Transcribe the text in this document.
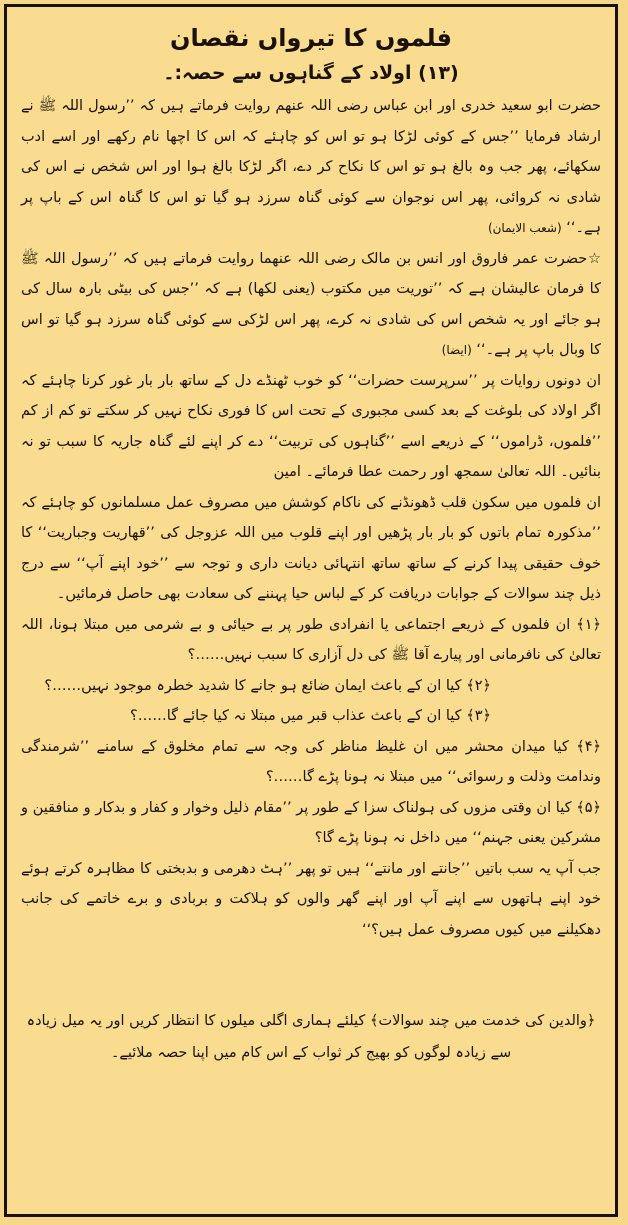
فلموں کا تیرواں نقصان
(۱۳) اولاد کے گناہوں سے حصہ:۔

حضرت ابو سعید خدری اور ابن عباس رضی اللہ عنھم روایت فرماتے ہیں کہ ’’رسول اللہ ﷺ نے ارشاد فرمایا ’’جس کے کوئی لڑکا ہو تو اس کو چاہئے کہ اس کا اچھا نام رکھے اور اسے ادب سکھائے، پھر جب وہ بالغ ہو تو اس کا نکاح کر دے، اگر لڑکا بالغ ہوا اور اس شخص نے اس کی شادی نہ کروائی، پھر اس نوجوان سے کوئی گناہ سرزد ہو گیا تو اس کا گناہ اس کے باپ پر ہے۔‘‘ (شعب الایمان)

☆حضرت عمر فاروق اور انس بن مالک رضی اللہ عنھما روایت فرماتے ہیں کہ ’’رسول اللہ ﷺ کا فرمان عالیشان ہے کہ ’’توریت میں مکتوب (یعنی لکھا) ہے کہ ’’جس کی بیٹی بارہ سال کی ہو جائے اور یہ شخص اس کی شادی نہ کرے، پھر اس لڑکی سے کوئی گناہ سرزد ہو گیا تو اس کا وبال باپ پر ہے۔‘‘ (ایضا)

ان دونوں روایات پر ’’سرپرست حضرات‘‘ کو خوب ٹھنڈے دل کے ساتھ بار بار غور کرنا چاہئے کہ اگر اولاد کی بلوغت کے بعد کسی مجبوری کے تحت اس کا فوری نکاح نہیں کر سکتے تو کم از کم ’’فلموں، ڈراموں‘‘ کے ذریعے اسے ’’گناہوں کی تربیت‘‘ دے کر اپنے لئے گناہ جاریہ کا سبب تو نہ بنائیں۔ اللہ تعالیٰ سمجھ اور رحمت عطا فرمائے۔ امین

ان فلموں میں سکون قلب ڈھونڈنے کی ناکام کوشش میں مصروف عمل مسلمانوں کو چاہئے کہ ’’مذکورہ تمام باتوں کو بار بار پڑھیں اور اپنے قلوب میں اللہ عزوجل کی ’’قھاریت وجباریت‘‘ کا خوف حقیقی پیدا کرنے کے ساتھ ساتھ انتہائی دیانت داری و توجہ سے ’’خود اپنے آپ‘‘ سے درج ذیل چند سوالات کے جوابات دریافت کر کے لباس حیا پہننے کی سعادت بھی حاصل فرمائیں۔

﴿۱﴾ ان فلموں کے ذریعے اجتماعی یا انفرادی طور پر بے حیائی و بے شرمی میں مبتلا ہونا، اللہ تعالیٰ کی نافرمانی اور پیارے آقا ﷺ کی دل آزاری کا سبب نہیں……؟

﴿۲﴾ کیا ان کے باعث ایمان ضائع ہو جانے کا شدید خطرہ موجود نہیں……؟

﴿۳﴾ کیا ان کے باعث عذاب قبر میں مبتلا نہ کیا جائے گا……؟

﴿۴﴾ کیا میدان محشر میں ان غلیظ مناظر کی وجہ سے تمام مخلوق کے سامنے ’’شرمندگی وندامت وذلت و رسوائی‘‘ میں مبتلا نہ ہونا پڑے گا……؟

﴿۵﴾ کیا ان وقتی مزوں کی ہولناک سزا کے طور پر ’’مقام ذلیل وخوار و کفار و بدکار و منافقین و مشرکین یعنی جہنم‘‘ میں داخل نہ ہونا پڑے گا؟

جب آپ یہ سب باتیں ’’جانتے اور مانتے‘‘ ہیں تو پھر ’’ہٹ دھرمی و بدبختی کا مظاہرہ کرتے ہوئے خود اپنے ہاتھوں سے اپنے آپ اور اپنے گھر والوں کو ہلاکت و بربادی و برے خاتمے کی جانب دھکیلنے میں کیوں مصروف عمل ہیں؟‘‘

﴿والدین کی خدمت میں چند سوالات﴾ کیلئے ہماری اگلی میلوں کا انتظار کریں اور یہ میل زیادہ سے زیادہ لوگوں کو بھیج کر ثواب کے اس کام میں اپنا حصہ ملائیے۔
